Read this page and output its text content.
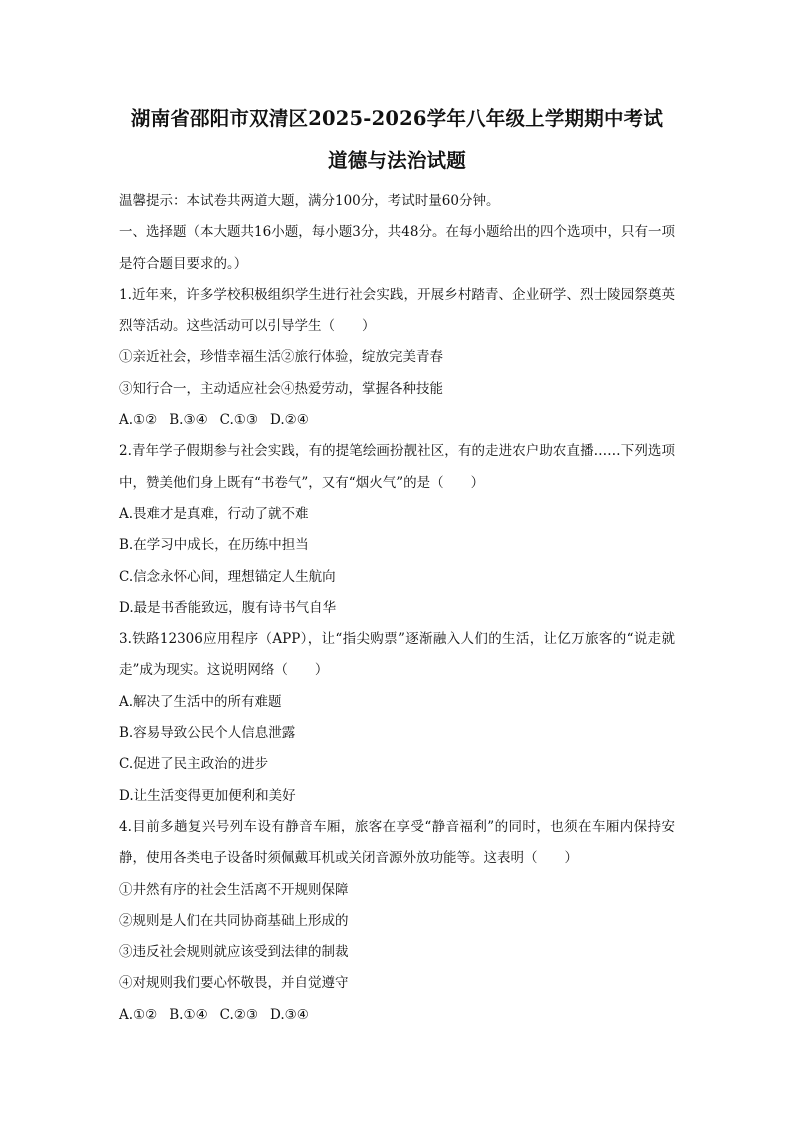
湖南省邵阳市双清区2025-2026学年八年级上学期期中考试
道德与法治试题
温馨提示：本试卷共两道大题，满分100分，考试时量60分钟。
一、选择题（本大题共16小题，每小题3分，共48分。在每小题给出的四个选项中，只有一项是符合题目要求的。）
1.近年来，许多学校积极组织学生进行社会实践，开展乡村踏青、企业研学、烈士陵园祭奠英烈等活动。这些活动可以引导学生（　　）
①亲近社会，珍惜幸福生活②旅行体验，绽放完美青春
③知行合一，主动适应社会④热爱劳动，掌握各种技能
A.①② B.③④ C.①③ D.②④
2.青年学子假期参与社会实践，有的提笔绘画扮靓社区，有的走进农户助农直播……下列选项中，赞美他们身上既有“书卷气”，又有“烟火气”的是（　　）
A.畏难才是真难，行动了就不难
B.在学习中成长，在历练中担当
C.信念永怀心间，理想锚定人生航向
D.最是书香能致远，腹有诗书气自华
3.铁路12306应用程序（APP），让“指尖购票”逐渐融入人们的生活，让亿万旅客的“说走就走”成为现实。这说明网络（　　）
A.解决了生活中的所有难题
B.容易导致公民个人信息泄露
C.促进了民主政治的进步
D.让生活变得更加便利和美好
4.目前多趟复兴号列车设有静音车厢，旅客在享受“静音福利”的同时，也须在车厢内保持安静，使用各类电子设备时须佩戴耳机或关闭音源外放功能等。这表明（　　）
①井然有序的社会生活离不开规则保障
②规则是人们在共同协商基础上形成的
③违反社会规则就应该受到法律的制裁
④对规则我们要心怀敬畏，并自觉遵守
A.①② B.①④ C.②③ D.③④
